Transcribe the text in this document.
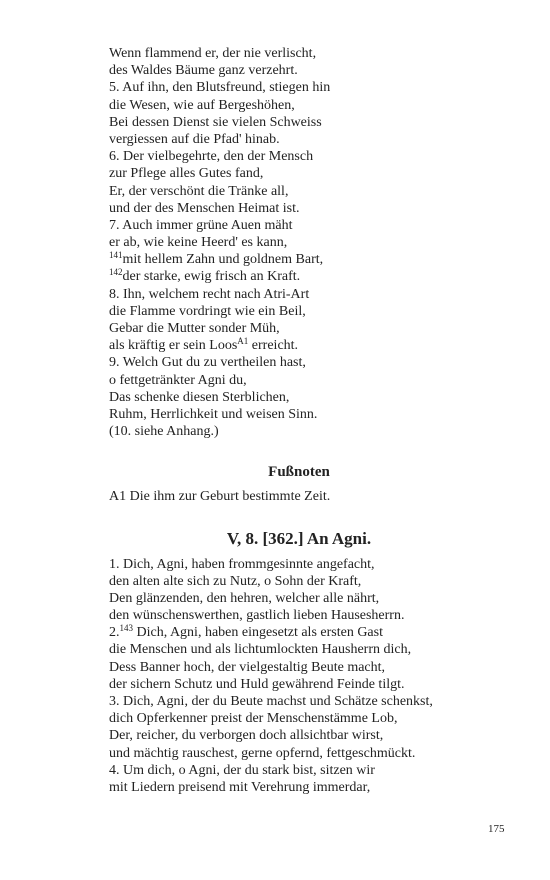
Wenn flammend er, der nie verlischt,
des Waldes Bäume ganz verzehrt.
5. Auf ihn, den Blutsfreund, stiegen hin
die Wesen, wie auf Bergeshöhen,
Bei dessen Dienst sie vielen Schweiss
vergiessen auf die Pfad' hinab.
6. Der vielbegehrte, den der Mensch
zur Pflege alles Gutes fand,
Er, der verschönt die Tränke all,
und der des Menschen Heimat ist.
7. Auch immer grüne Auen mäht
er ab, wie keine Heerd' es kann,
$^{141}$mit hellem Zahn und goldnem Bart,
$^{142}$der starke, ewig frisch an Kraft.
8. Ihn, welchem recht nach Atri-Art
die Flamme vordringt wie ein Beil,
Gebar die Mutter sonder Müh,
als kräftig er sein Loos$^{A1}$ erreicht.
9. Welch Gut du zu vertheilen hast,
o fettgetränkter Agni du,
Das schenke diesen Sterblichen,
Ruhm, Herrlichkeit und weisen Sinn.
(10. siehe Anhang.)
Fußnoten
A1 Die ihm zur Geburt bestimmte Zeit.
V, 8. [362.] An Agni.
1. Dich, Agni, haben frommgesinnte angefacht,
den alten alte sich zu Nutz, o Sohn der Kraft,
Den glänzenden, den hehren, welcher alle nährt,
den wünschenswerthen, gastlich lieben Hausesherrn.
2.$^{143}$ Dich, Agni, haben eingesetzt als ersten Gast
die Menschen und als lichtumlockten Hausherrn dich,
Dess Banner hoch, der vielgestaltig Beute macht,
der sichern Schutz und Huld gewährend Feinde tilgt.
3. Dich, Agni, der du Beute machst und Schätze schenkst,
dich Opferkenner preist der Menschenstämme Lob,
Der, reicher, du verborgen doch allsichtbar wirst,
und mächtig rauschest, gerne opfernd, fettgeschmückt.
4. Um dich, o Agni, der du stark bist, sitzen wir
mit Liedern preisend mit Verehrung immerdar,
175
